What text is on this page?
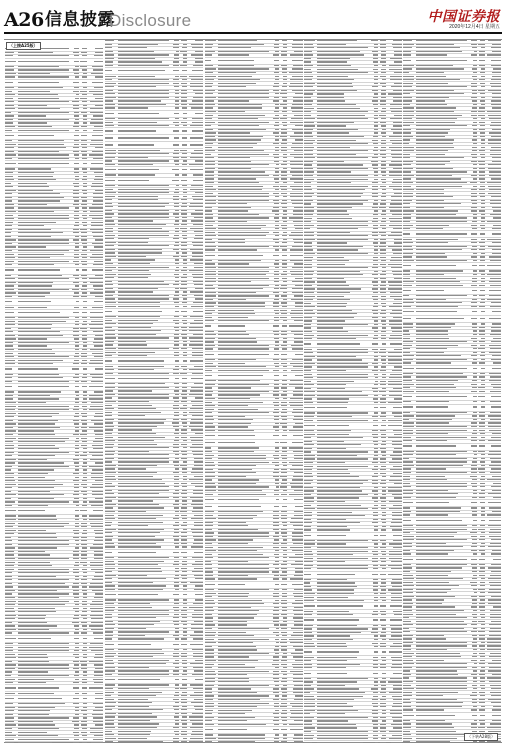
A26 信息披露
Disclosure	中国证券报
2020年12月4日 星期五
（上接A25版）
（下转A28版）
